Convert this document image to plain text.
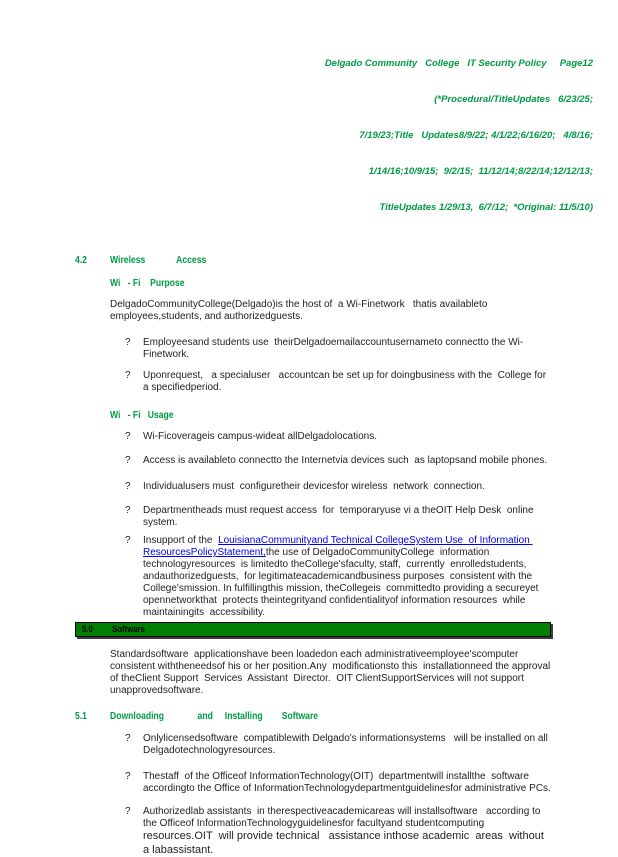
Delgado Community   College   IT Security Policy     Page12

(*Procedural/TitleUpdates   6/23/25;

7/19/23;Title   Updates8/9/22; 4/1/22;6/16/20;   4/8/16;

1/14/16;10/9/15;  9/2/15;  11/12/14;8/22/14;12/12/13;

TitleUpdates 1/29/13,  6/7/12;  *Original: 11/5/10)

4.2	Wireless             Access
Wi   - Fi    Purpose

DelgadoCommunityCollege(Delgado)is the host of  a Wi-Finetwork   thatis availableto employees,students, and authorizedguests.

?	Employeesand students use  theirDelgadoemailaccountusernameto connectto the Wi-Finetwork.
?	Uponrequest,   a specialuser   accountcan be set up for doingbusiness with the  College for a specifiedperiod.
Wi   - Fi   Usage
?	Wi-Ficoverageis campus-wideat allDelgadolocations.
?	Access is availableto connectto the Internetvia devices such  as laptopsand mobile phones.
?	Individualusers must  configuretheir devicesfor wireless  network  connection.
?	Departmentheads must request access  for  temporaryuse vi a theOIT Help Desk  online system.
?	Insupport of the  LouisianaCommunityand Technical CollegeSystem Use  of Information ResourcesPolicyStatement,the use of DelgadoCommunityCollege  information technologyresources  is limitedto theCollege'sfaculty, staff,  currently  enrolledstudents, andauthorizedguests,  for legitimateacademicandbusiness purposes  consistent with the College'smission. In fulfillingthis mission, theCollegeis  committedto providing a secureyet opennetworkthat  protects theintegrityand confidentialityof information resources  while maintainingits  accessibility.
5.0	Software

Standardsoftware  applicationshave been loadedon each administrativeemployee'scomputer consistent withtheneedsof his or her position.Any  modificationsto this  installationneed the approval of theClient Support  Services  Assistant  Director.  OIT ClientSupportServices will not support unapprovedsoftware.

5.1	Downloading              and     Installing        Software
?	Onlylicensedsoftware  compatiblewith Delgado's informationsystems   will be installed on all Delgadotechnologyresources.
?	Thestaff  of the Officeof InformationTechnology(OIT)  departmentwill installthe  software accordingto the Office of InformationTechnologydepartmentguidelinesfor administrative PCs.
?	Authorizedlab assistants  in therespectiveacademicareas will installsoftware   according to the Officeof InformationTechnologyguidelinesfor facultyand studentcomputing resources.OIT  will provide technical   assistance inthose academic  areas  without a labassistant.
